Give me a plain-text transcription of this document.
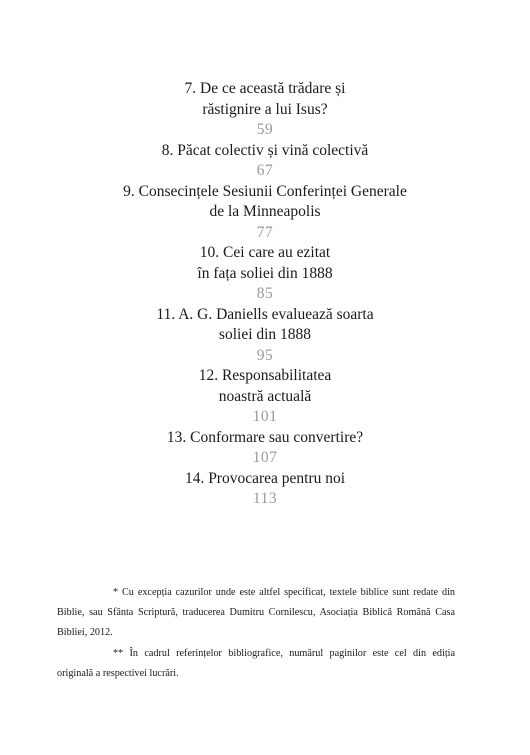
7. De ce această trădare și
răstignire a lui Isus?
59
8. Păcat colectiv și vină colectivă
67
9. Consecințele Sesiunii Conferinței Generale
de la Minneapolis
77
10. Cei care au ezitat
în fața soliei din 1888
85
11. A. G. Daniells evaluează soarta
soliei din 1888
95
12. Responsabilitatea
noastră actuală
101
13. Conformare sau convertire?
107
14. Provocarea pentru noi
113

* Cu excepția cazurilor unde este altfel specificat, textele biblice sunt redate din Biblie, sau Sfânta Scriptură, traducerea Dumitru Cornilescu, Asociația Biblică Română Casa Bibliei, 2012.

** În cadrul referințelor bibliografice, numărul paginilor este cel din ediția originală a respectivei lucrări.
